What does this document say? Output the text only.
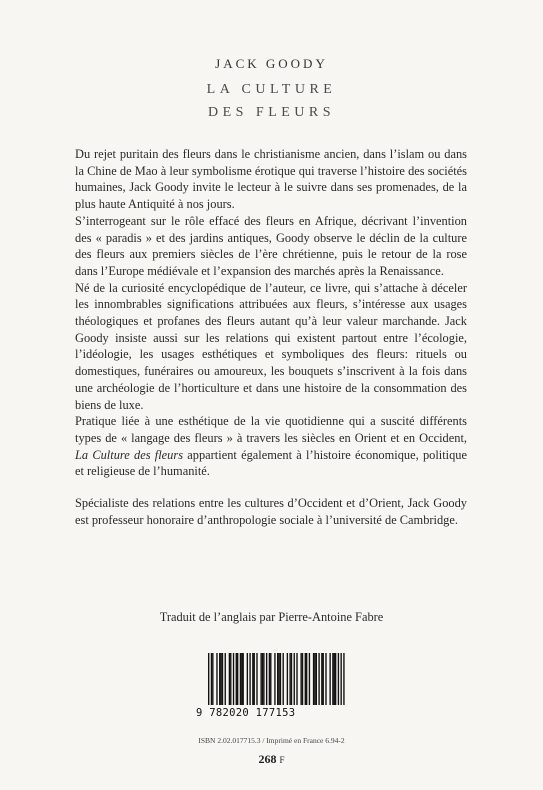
JACK GOODY
LA CULTURE
DES FLEURS

Du rejet puritain des fleurs dans le christianisme ancien, dans l’islam ou dans la Chine de Mao à leur symbolisme érotique qui traverse l’histoire des sociétés humaines, Jack Goody invite le lecteur à le suivre dans ses promenades, de la plus haute Antiquité à nos jours.

S’interrogeant sur le rôle effacé des fleurs en Afrique, décrivant l’invention des « paradis » et des jardins antiques, Goody observe le déclin de la culture des fleurs aux premiers siècles de l’ère chrétienne, puis le retour de la rose dans l’Europe médiévale et l’expansion des marchés après la Renaissance.

Né de la curiosité encyclopédique de l’auteur, ce livre, qui s’attache à déceler les innombrables significations attribuées aux fleurs, s’intéresse aux usages théologiques et profanes des fleurs autant qu’à leur valeur marchande. Jack Goody insiste aussi sur les relations qui existent partout entre l’écologie, l’idéologie, les usages esthétiques et symboliques des fleurs: rituels ou domestiques, funéraires ou amoureux, les bouquets s’inscrivent à la fois dans une archéologie de l’horticulture et dans une histoire de la consommation des biens de luxe.

Pratique liée à une esthétique de la vie quotidienne qui a suscité différents types de « langage des fleurs » à travers les siècles en Orient et en Occident, La Culture des fleurs appartient également à l’histoire économique, politique et religieuse de l’humanité.

Spécialiste des relations entre les cultures d’Occident et d’Orient, Jack Goody est professeur honoraire d’anthropologie sociale à l’université de Cambridge.

Traduit de l’anglais par Pierre-Antoine Fabre
9 782020 177153
ISBN 2.02.017715.3 / Imprimé en France 6.94-2
268 F
